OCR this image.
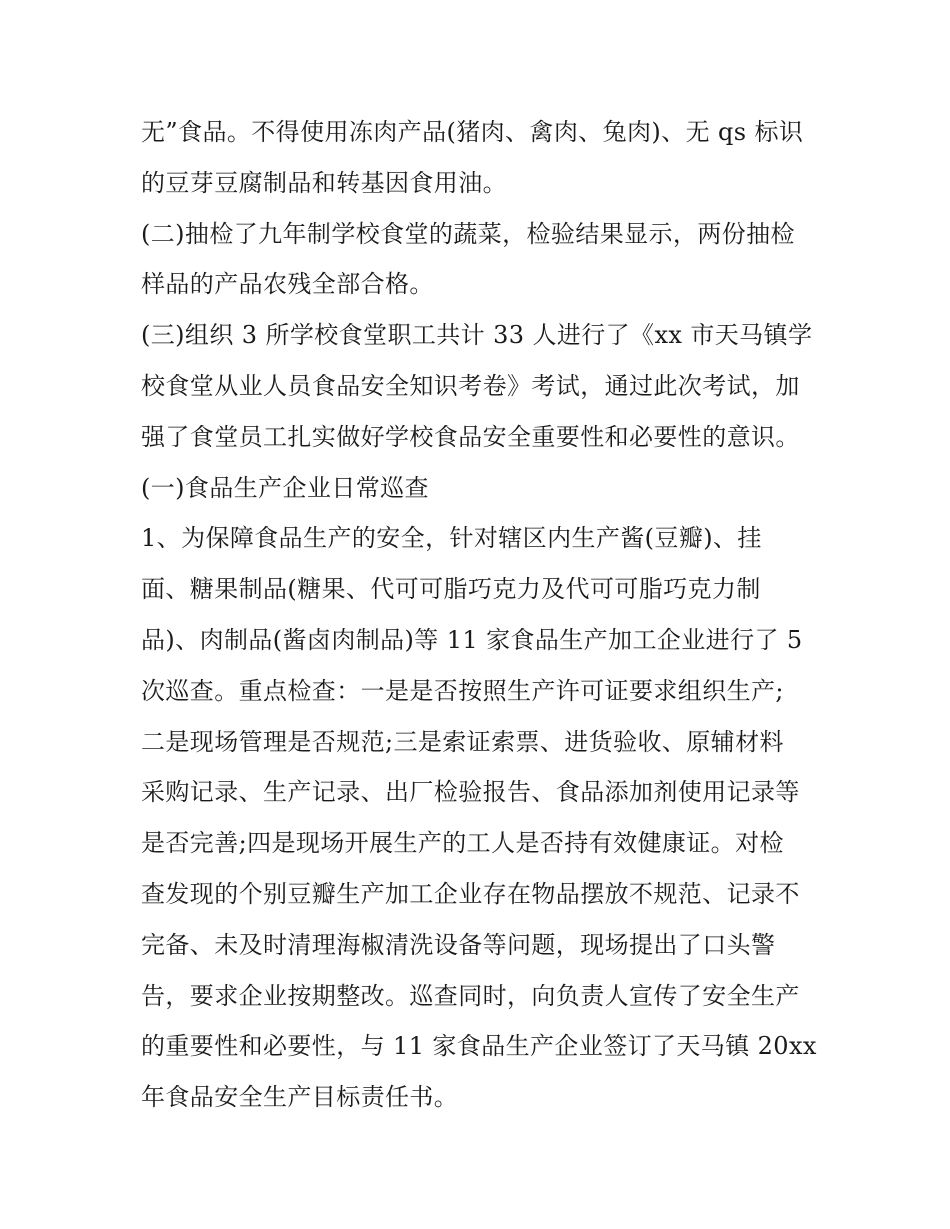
无”食品。不得使用冻肉产品(猪肉、禽肉、兔肉)、无 qs 标识
的豆芽豆腐制品和转基因食用油。
(二)抽检了九年制学校食堂的蔬菜，检验结果显示，两份抽检
样品的产品农残全部合格。
(三)组织 3 所学校食堂职工共计 33 人进行了《xx 市天马镇学
校食堂从业人员食品安全知识考卷》考试，通过此次考试，加
强了食堂员工扎实做好学校食品安全重要性和必要性的意识。
(一)食品生产企业日常巡查
1、为保障食品生产的安全，针对辖区内生产酱(豆瓣)、挂
面、糖果制品(糖果、代可可脂巧克力及代可可脂巧克力制
品)、肉制品(酱卤肉制品)等 11 家食品生产加工企业进行了 5
次巡查。重点检查：一是是否按照生产许可证要求组织生产;
二是现场管理是否规范;三是索证索票、进货验收、原辅材料
采购记录、生产记录、出厂检验报告、食品添加剂使用记录等
是否完善;四是现场开展生产的工人是否持有效健康证。对检
查发现的个别豆瓣生产加工企业存在物品摆放不规范、记录不
完备、未及时清理海椒清洗设备等问题，现场提出了口头警
告，要求企业按期整改。巡查同时，向负责人宣传了安全生产
的重要性和必要性，与 11 家食品生产企业签订了天马镇 20xx
年食品安全生产目标责任书。
